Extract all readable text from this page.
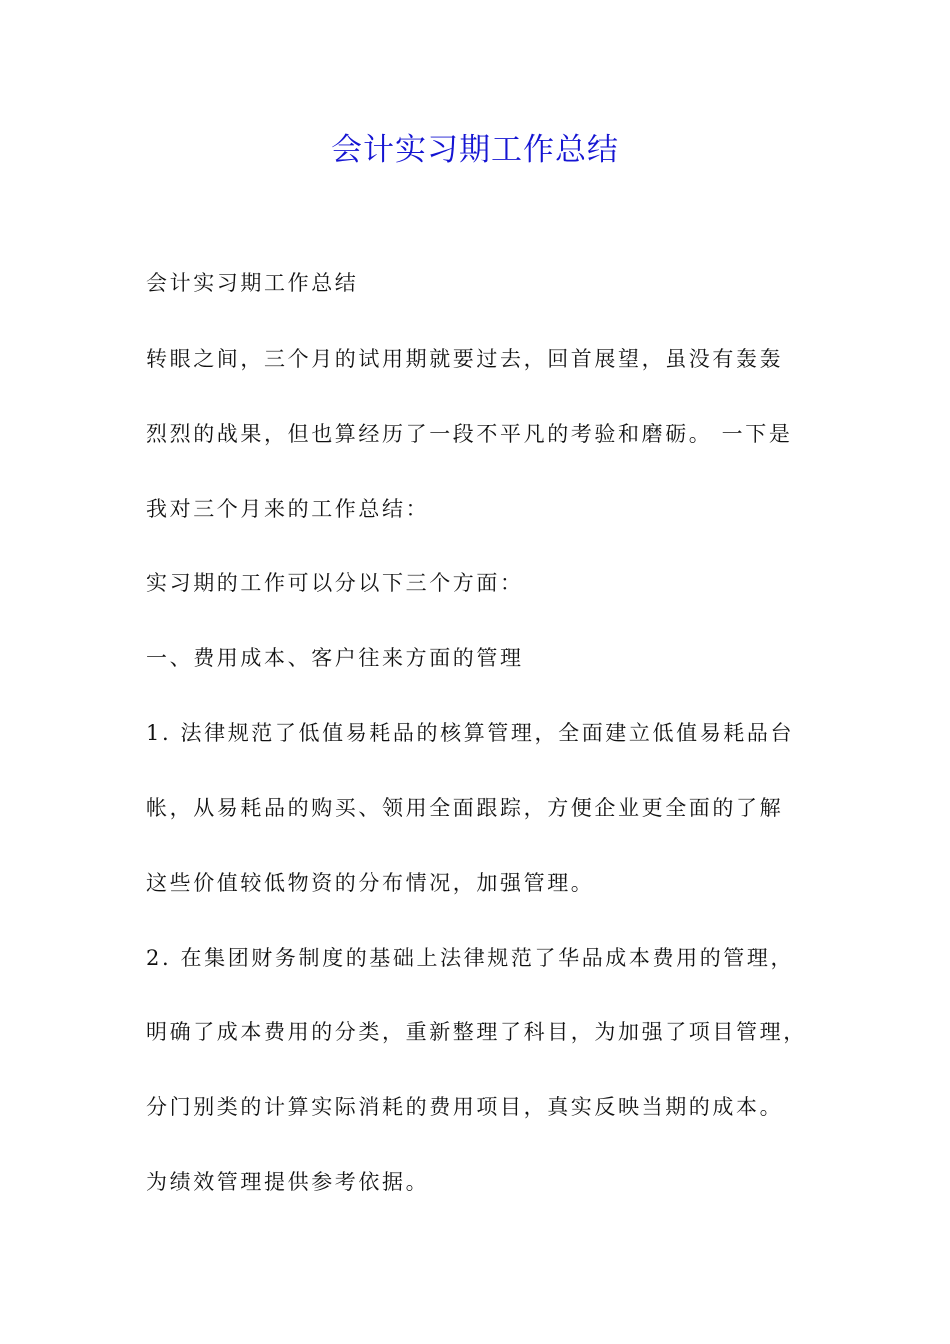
会计实习期工作总结

会计实习期工作总结

转眼之间，三个月的试用期就要过去，回首展望，虽没有轰轰

烈烈的战果，但也算经历了一段不平凡的考验和磨砺。 一下是

我对三个月来的工作总结：

实习期的工作可以分以下三个方面：

一、费用成本、客户往来方面的管理

1. 法律规范了低值易耗品的核算管理，全面建立低值易耗品台

帐，从易耗品的购买、领用全面跟踪，方便企业更全面的了解

这些价值较低物资的分布情况，加强管理。

2. 在集团财务制度的基础上法律规范了华品成本费用的管理，

明确了成本费用的分类，重新整理了科目，为加强了项目管理，

分门别类的计算实际消耗的费用项目，真实反映当期的成本。

为绩效管理提供参考依据。
